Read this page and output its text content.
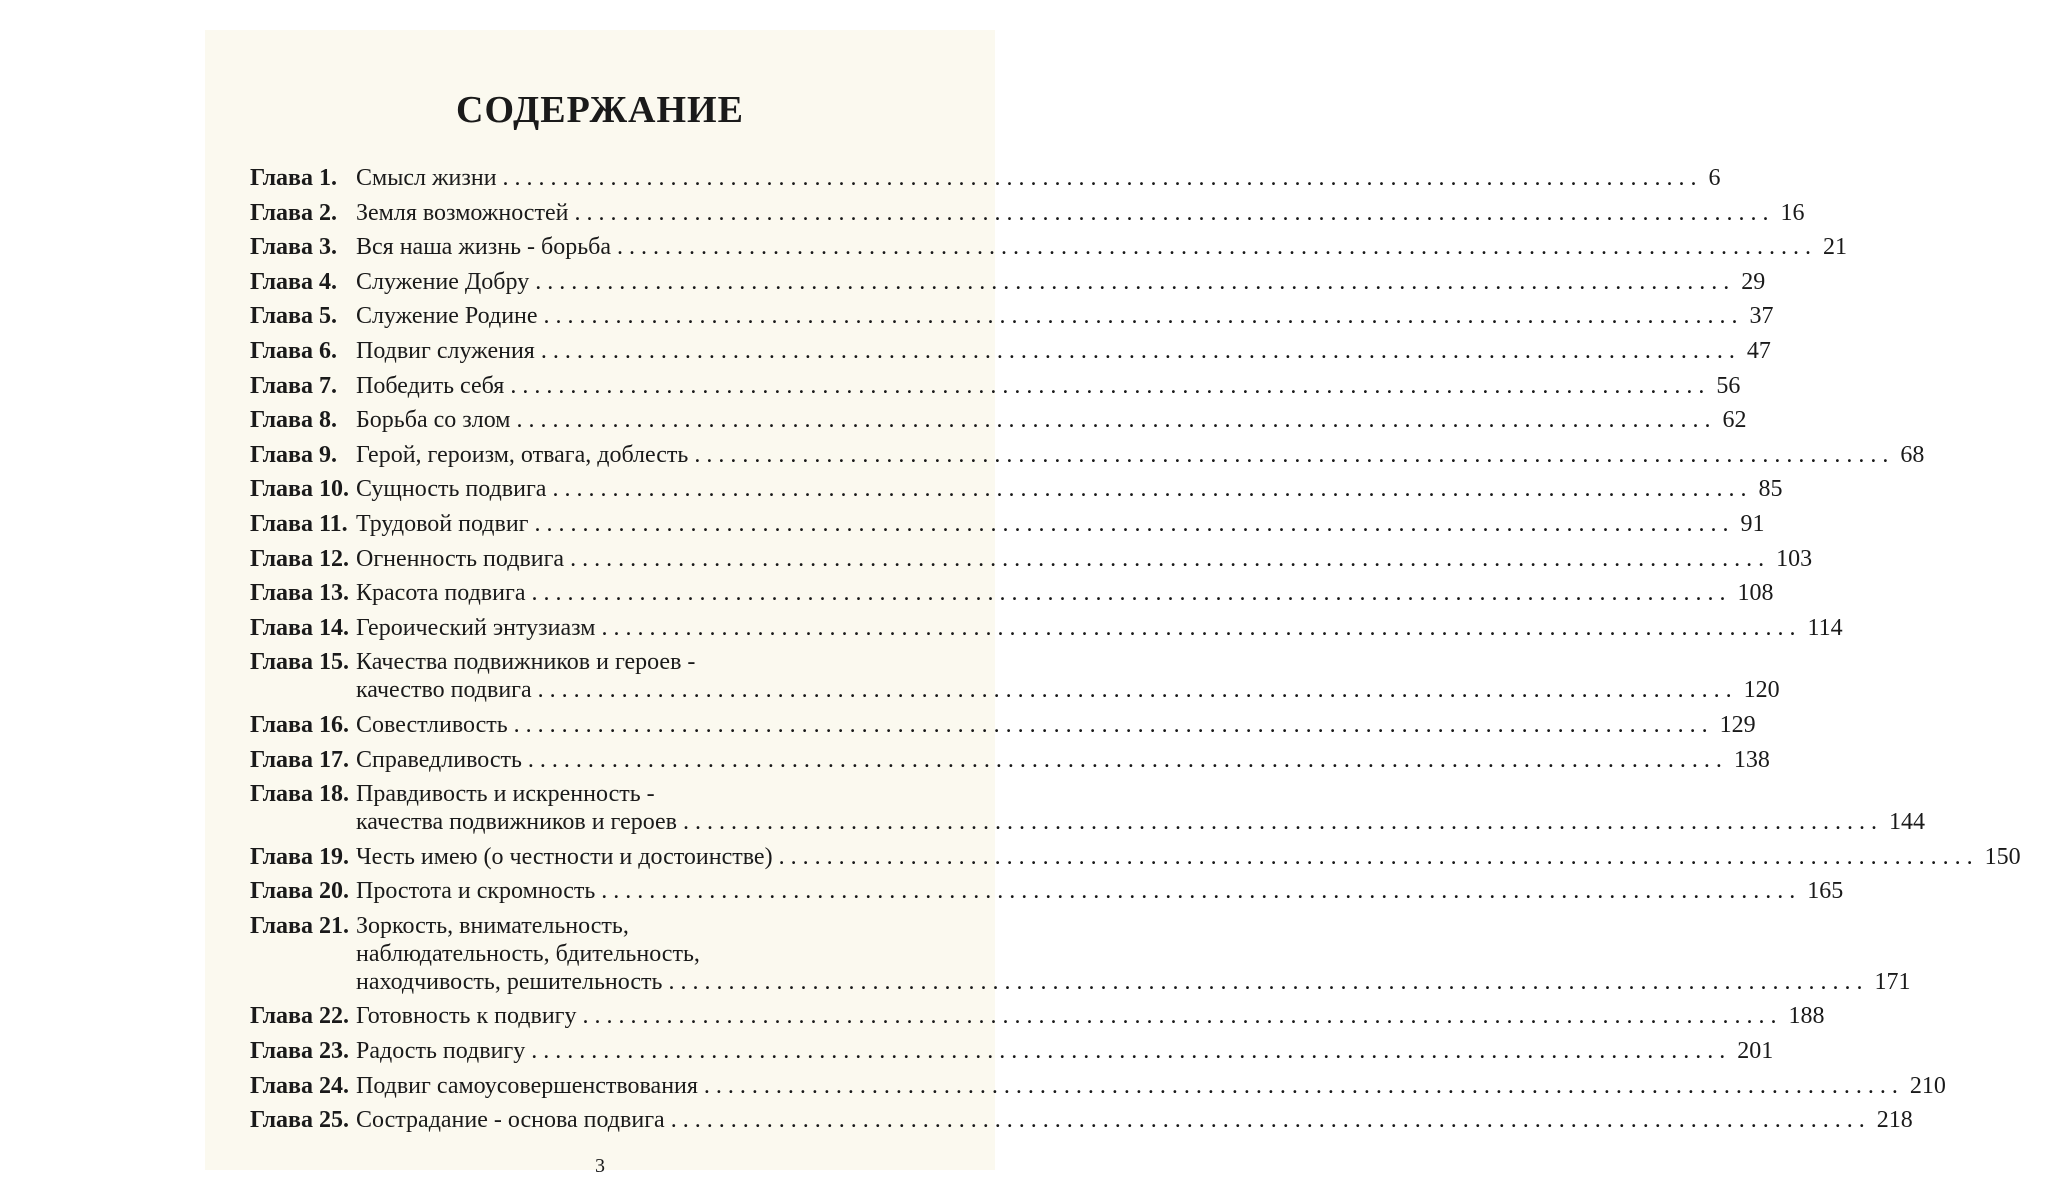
СОДЕРЖАНИЕ
Глава 1. Смысл жизни . . .	6
Глава 2. Земля возможностей . . .	16
Глава 3. Вся наша жизнь - борьба . . .	21
Глава 4. Служение Добру . . .	29
Глава 5. Служение Родине . . .	37
Глава 6. Подвиг служения . . .	47
Глава 7. Победить себя . . .	56
Глава 8. Борьба со злом . . .	62
Глава 9. Герой, героизм, отвага, доблесть . . .	68
Глава 10. Сущность подвига . . .	85
Глава 11. Трудовой подвиг . . .	91
Глава 12. Огненность подвига . . .	103
Глава 13. Красота подвига . . .	108
Глава 14. Героический энтузиазм . . .	114
Глава 15. Качества подвижников и героев -
качество подвига . . .	120
Глава 16. Совестливость . . .	129
Глава 17. Справедливость . . .	138
Глава 18. Правдивость и искренность -
качества подвижников и героев . . .	144
Глава 19. Честь имею (о честности и достоинстве) . . .	150
Глава 20. Простота и скромность . . .	165
Глава 21. Зоркость, внимательность,
наблюдательность, бдительность,
находчивость, решительность . . .	171
Глава 22. Готовность к подвигу . . .	188
Глава 23. Радость подвигу . . .	201
Глава 24. Подвиг самоусовершенствования . . .	210
Глава 25. Сострадание - основа подвига . . .	218

3
